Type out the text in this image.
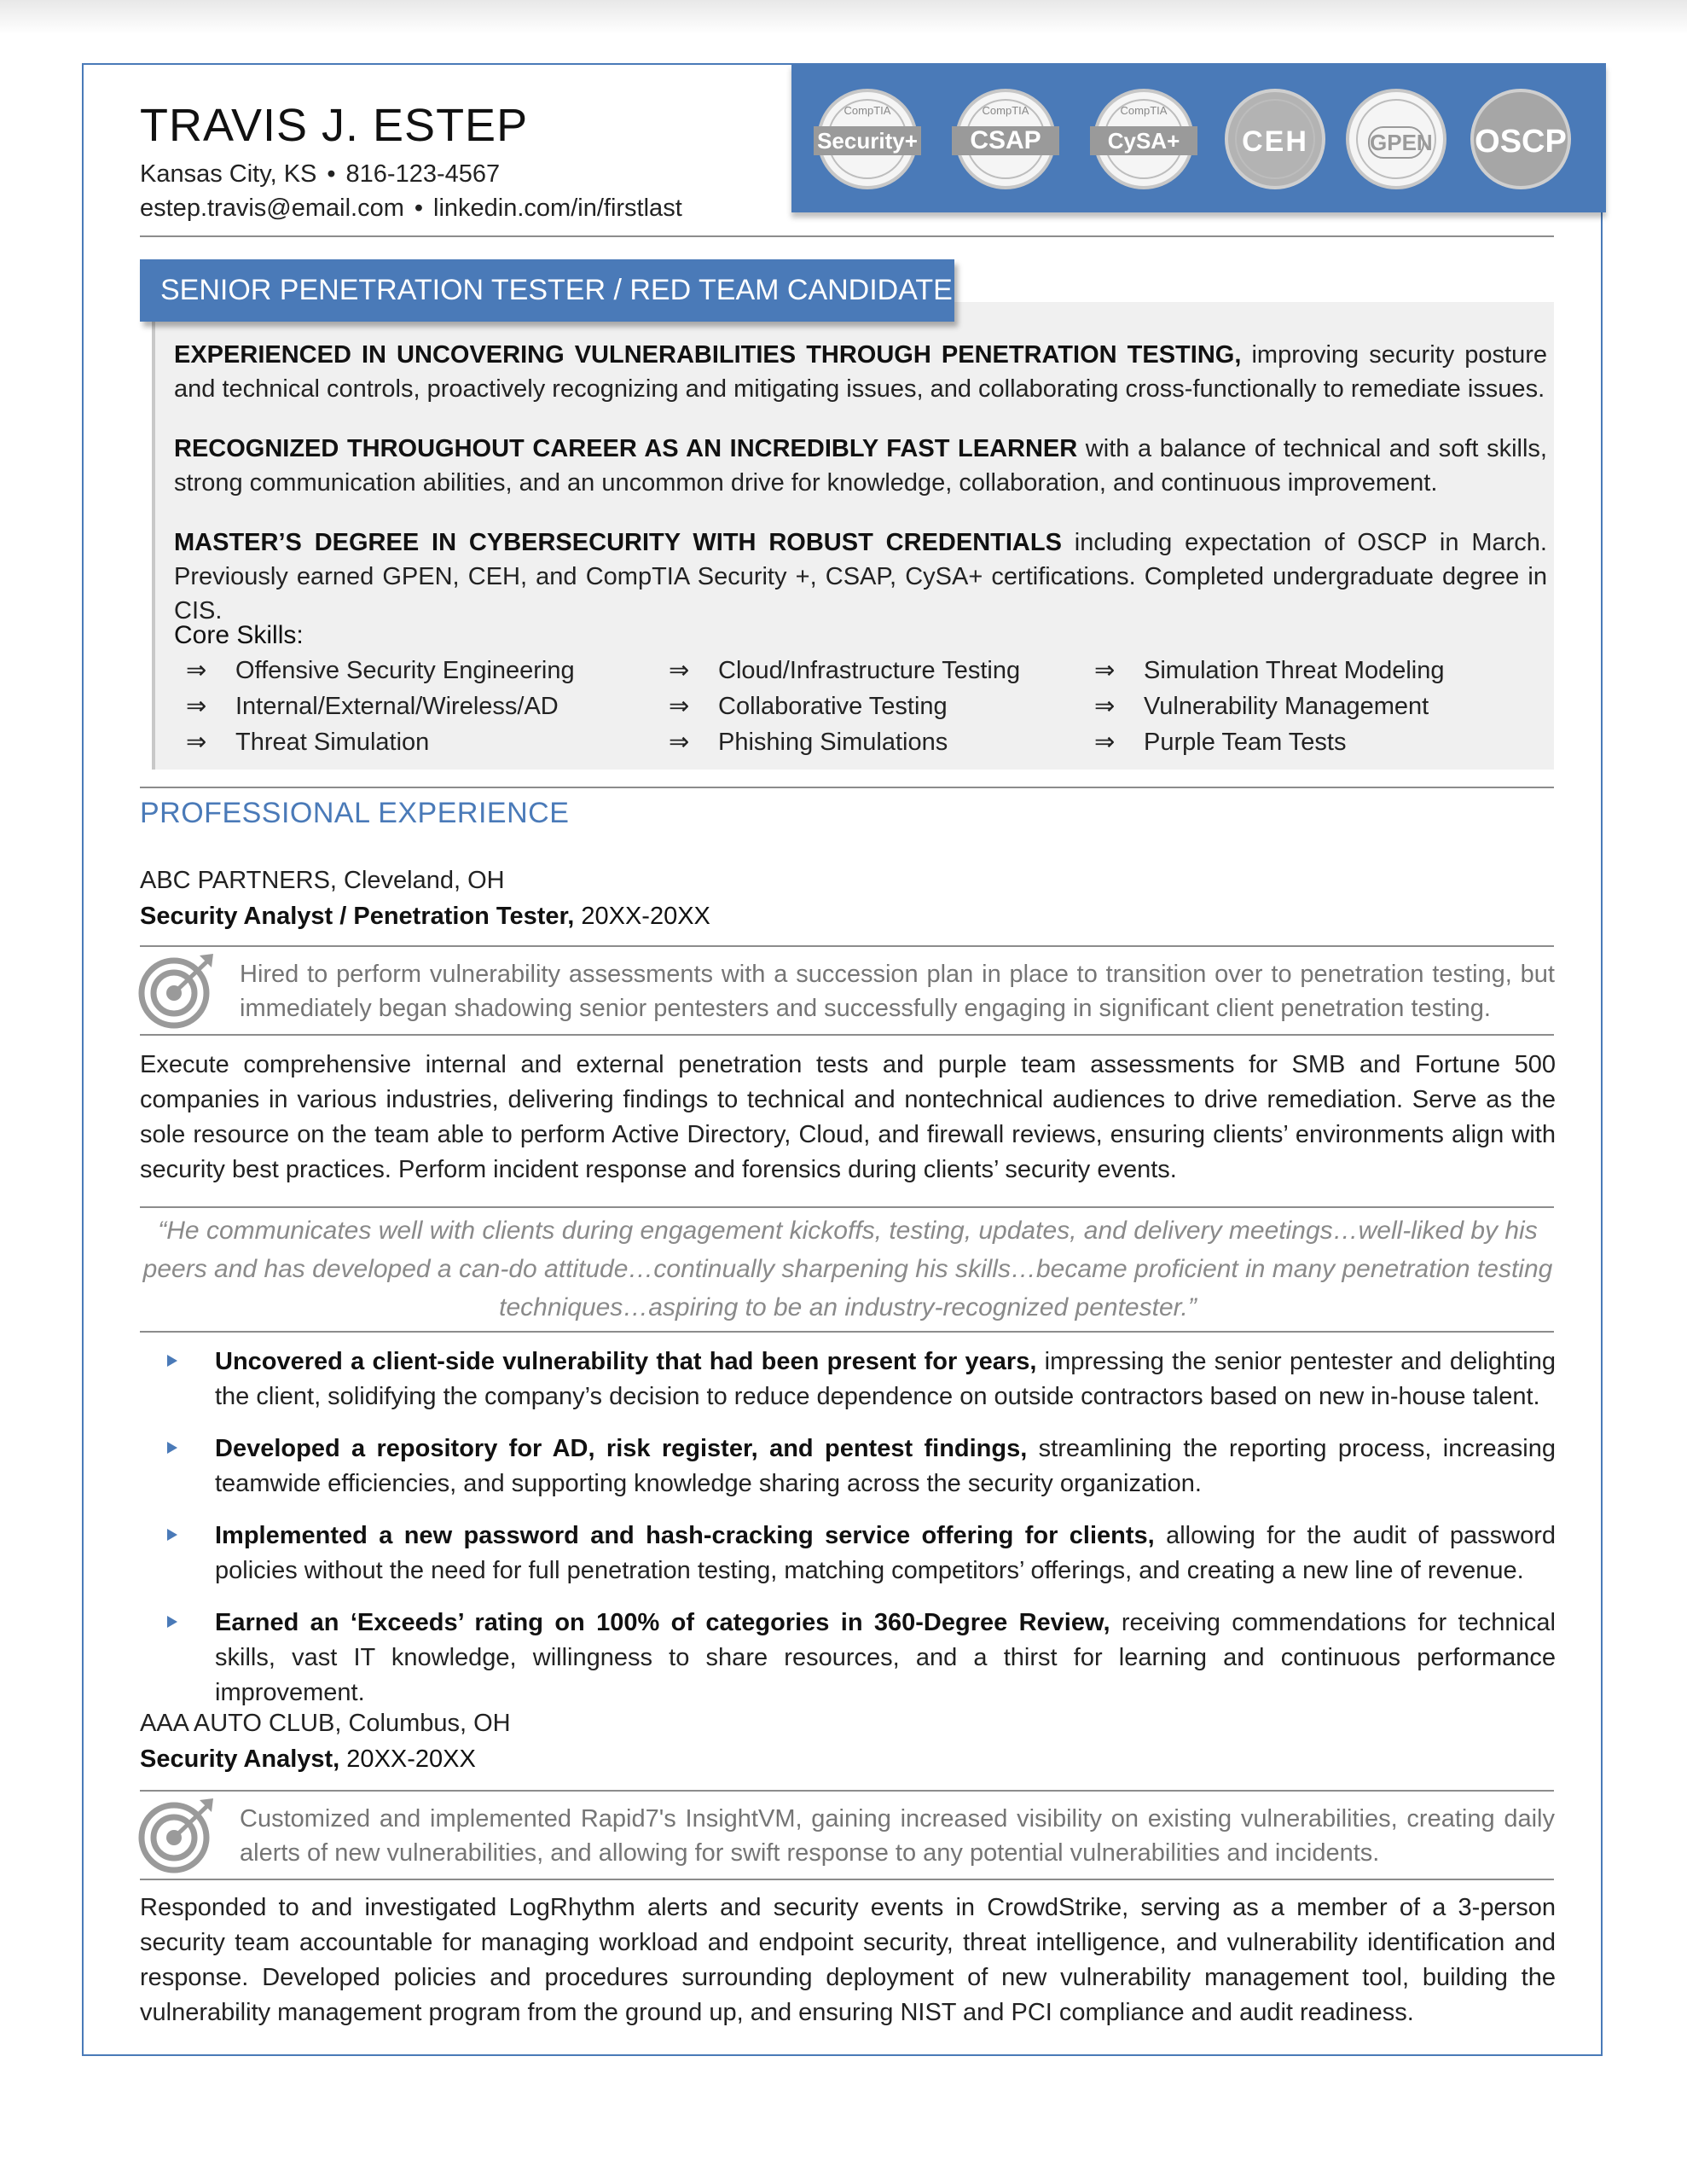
TRAVIS J. ESTEP
Kansas City, KS • 816-123-4567
estep.travis@email.com • linkedin.com/in/firstlast
CompTIA
Security+
CompTIA
CSAP
CompTIA
CySA+	CEH	GPEN OSCP
SENIOR PENETRATION TESTER / RED TEAM CANDIDATE
EXPERIENCED IN UNCOVERING VULNERABILITIES THROUGH PENETRATION TESTING, improving security posture and technical controls, proactively recognizing and mitigating issues, and collaborating cross-functionally to remediate issues.
RECOGNIZED THROUGHOUT CAREER AS AN INCREDIBLY FAST LEARNER with a balance of technical and soft skills, strong communication abilities, and an uncommon drive for knowledge, collaboration, and continuous improvement.
MASTER’S DEGREE IN CYBERSECURITY WITH ROBUST CREDENTIALS including expectation of OSCP in March. Previously earned GPEN, CEH, and CompTIA Security +, CSAP, CySA+ certifications. Completed undergraduate degree in CIS.
Core Skills:
⇒ Offensive Security Engineering	⇒ Cloud/Infrastructure Testing	⇒ Simulation Threat Modeling
⇒ Internal/External/Wireless/AD	⇒ Collaborative Testing	⇒ Vulnerability Management
⇒ Threat Simulation	⇒ Phishing Simulations	⇒ Purple Team Tests
PROFESSIONAL EXPERIENCE
ABC PARTNERS, Cleveland, OH
Security Analyst / Penetration Tester, 20XX-20XX
Hired to perform vulnerability assessments with a succession plan in place to transition over to penetration testing, but immediately began shadowing senior pentesters and successfully engaging in significant client penetration testing.
Execute comprehensive internal and external penetration tests and purple team assessments for SMB and Fortune 500 companies in various industries, delivering findings to technical and nontechnical audiences to drive remediation. Serve as the sole resource on the team able to perform Active Directory, Cloud, and firewall reviews, ensuring clients’ environments align with security best practices. Perform incident response and forensics during clients’ security events.
“He communicates well with clients during engagement kickoffs, testing, updates, and delivery meetings…well-liked by his peers and has developed a can-do attitude…continually sharpening his skills…became proficient in many penetration testing techniques…aspiring to be an industry-recognized pentester.”
Uncovered a client-side vulnerability that had been present for years, impressing the senior pentester and delighting the client, solidifying the company’s decision to reduce dependence on outside contractors based on new in-house talent.
Developed a repository for AD, risk register, and pentest findings, streamlining the reporting process, increasing teamwide efficiencies, and supporting knowledge sharing across the security organization.
Implemented a new password and hash-cracking service offering for clients, allowing for the audit of password policies without the need for full penetration testing, matching competitors’ offerings, and creating a new line of revenue.
Earned an ‘Exceeds’ rating on 100% of categories in 360-Degree Review, receiving commendations for technical skills, vast IT knowledge, willingness to share resources, and a thirst for learning and continuous performance improvement.
AAA AUTO CLUB, Columbus, OH
Security Analyst, 20XX-20XX
Customized and implemented Rapid7's InsightVM, gaining increased visibility on existing vulnerabilities, creating daily alerts of new vulnerabilities, and allowing for swift response to any potential vulnerabilities and incidents.
Responded to and investigated LogRhythm alerts and security events in CrowdStrike, serving as a member of a 3-person security team accountable for managing workload and endpoint security, threat intelligence, and vulnerability identification and response. Developed policies and procedures surrounding deployment of new vulnerability management tool, building the vulnerability management program from the ground up, and ensuring NIST and PCI compliance and audit readiness.
